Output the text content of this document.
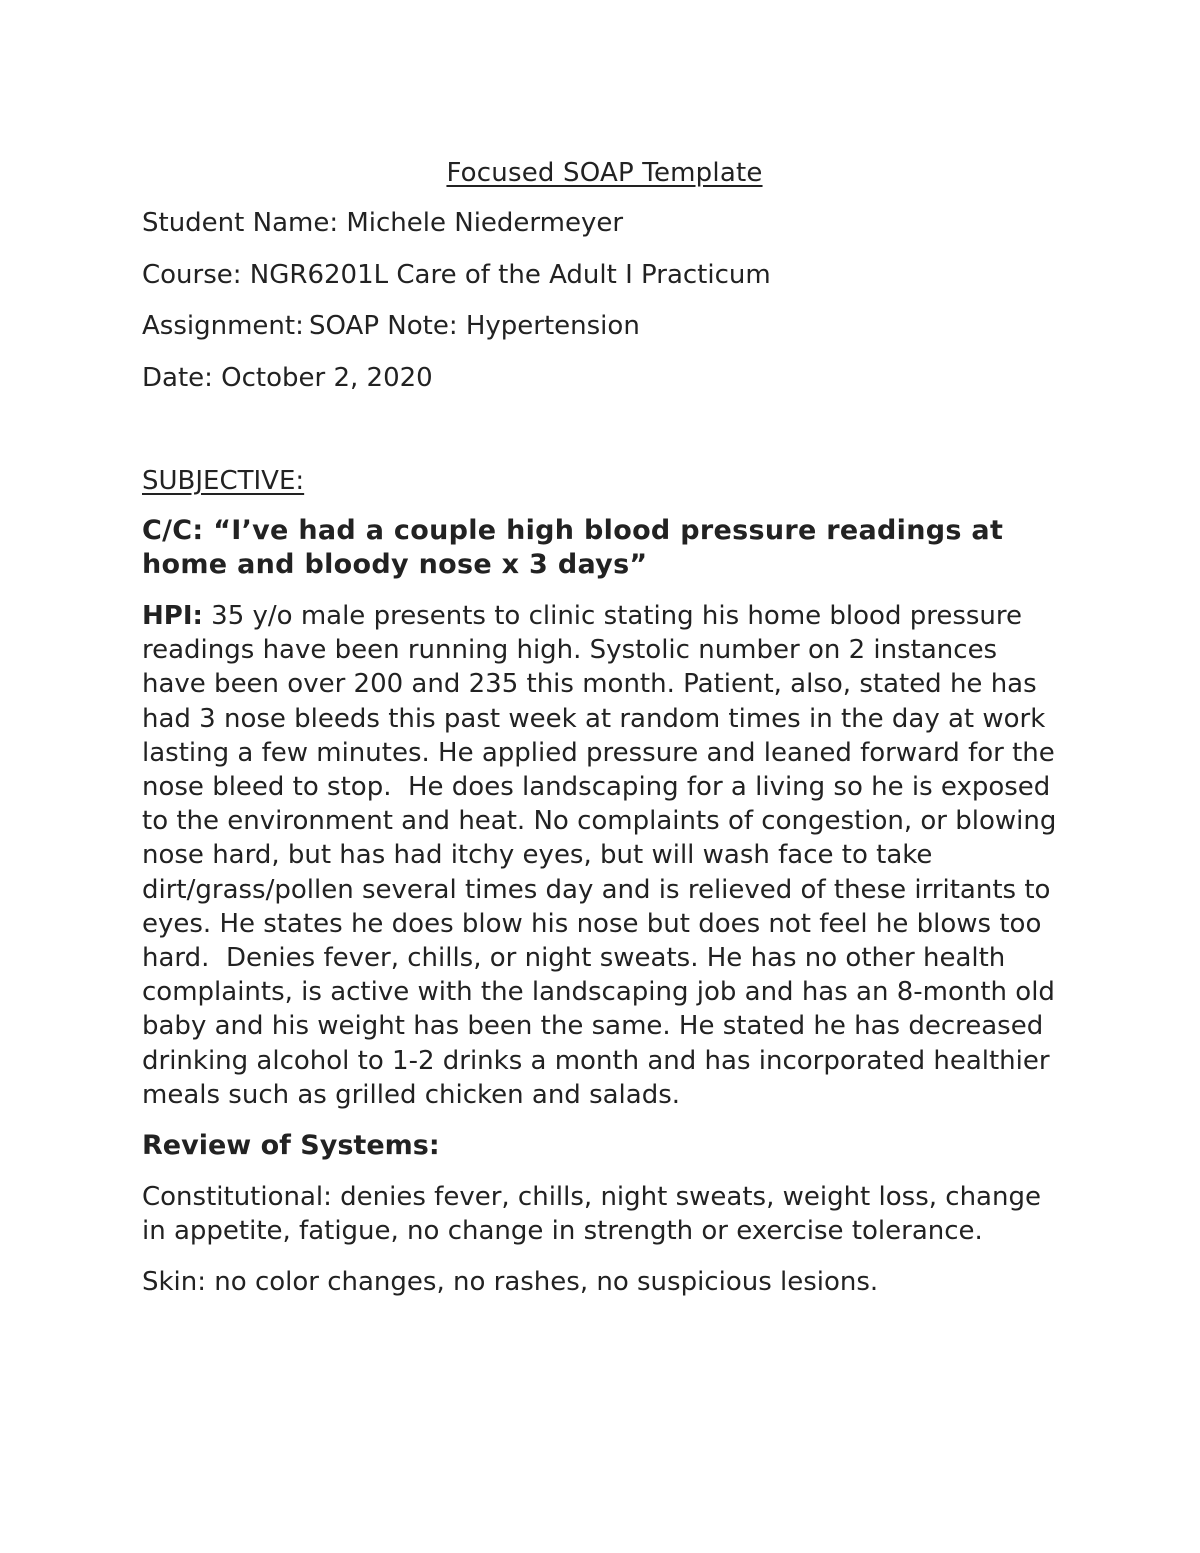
Focused SOAP Template
Student Name: Michele Niedermeyer
Course: NGR6201L Care of the Adult I Practicum
Assignment: SOAP Note: Hypertension
Date: October 2, 2020
SUBJECTIVE:
C/C: “I’ve had a couple high blood pressure readings at home and bloody nose x 3 days”
HPI: 35 y/o male presents to clinic stating his home blood pressure readings have been running high. Systolic number on 2 instances have been over 200 and 235 this month. Patient, also, stated he has had 3 nose bleeds this past week at random times in the day at work lasting a few minutes. He applied pressure and leaned forward for the nose bleed to stop.  He does landscaping for a living so he is exposed to the environment and heat. No complaints of congestion, or blowing nose hard, but has had itchy eyes, but will wash face to take dirt/grass/pollen several times day and is relieved of these irritants to eyes. He states he does blow his nose but does not feel he blows too hard.  Denies fever, chills, or night sweats. He has no other health complaints, is active with the landscaping job and has an 8-month old baby and his weight has been the same. He stated he has decreased drinking alcohol to 1-2 drinks a month and has incorporated healthier meals such as grilled chicken and salads.
Review of Systems:
Constitutional: denies fever, chills, night sweats, weight loss, change in appetite, fatigue, no change in strength or exercise tolerance.
Skin: no color changes, no rashes, no suspicious lesions.
